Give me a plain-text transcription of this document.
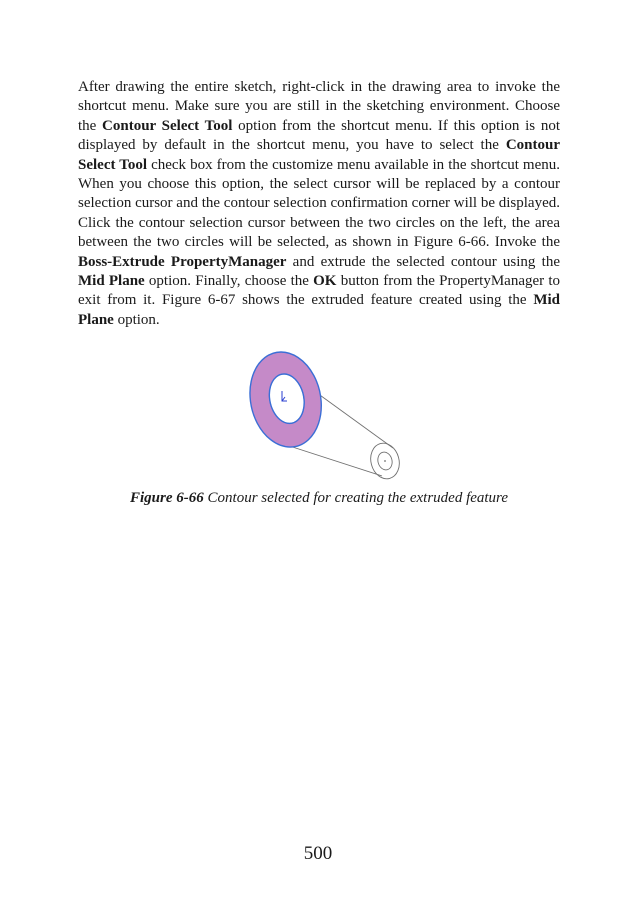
After drawing the entire sketch, right-click in the drawing area to invoke the shortcut menu. Make sure you are still in the sketching environment. Choose the Contour Select Tool option from the shortcut menu. If this option is not displayed by default in the shortcut menu, you have to select the Contour Select Tool check box from the customize menu available in the shortcut menu. When you choose this option, the select cursor will be replaced by a contour selection cursor and the contour selection confirmation corner will be displayed. Click the contour selection cursor between the two circles on the left, the area between the two circles will be selected, as shown in Figure 6-66. Invoke the Boss-Extrude PropertyManager and extrude the selected contour using the Mid Plane option. Finally, choose the OK button from the PropertyManager to exit from it. Figure 6-67 shows the extruded feature created using the Mid Plane option.

Figure 6-66 Contour selected for creating the extruded feature

500
